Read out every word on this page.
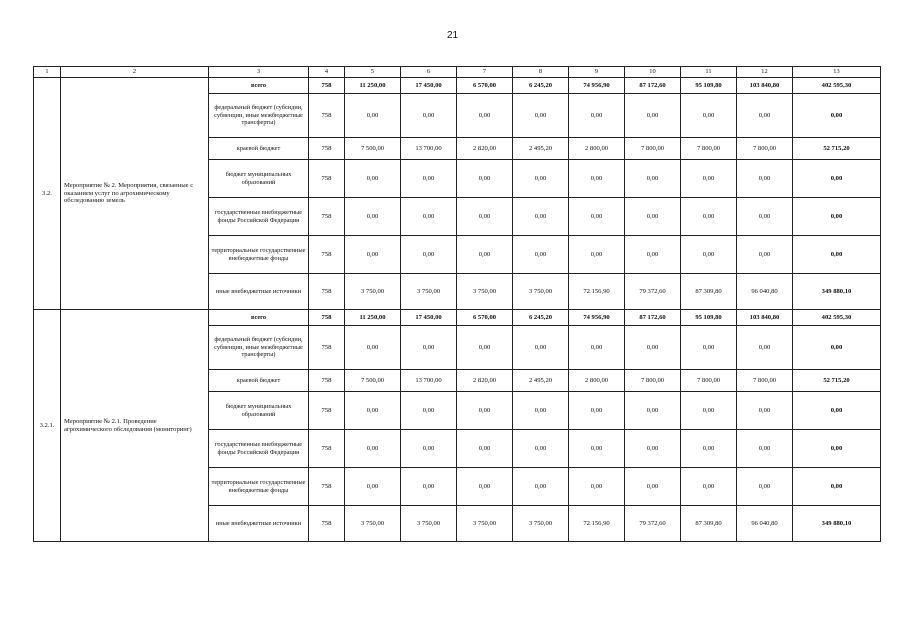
21
1	2	3	4	5	6	7	8	9	10	11	12	13
3.2.	Мероприятие № 2. Мероприятия, связанные с оказанием услуг по агрохимическому обследованию земель	всего	758	11 250,00	17 450,00	6 570,00	6 245,20	74 956,90	87 172,60	95 109,80	103 840,80	402 595,30
		федеральный бюджет (субсидии, субвенции, иные межбюджетные трансферты)	758	0,00	0,00	0,00	0,00	0,00	0,00	0,00	0,00	0,00
		краевой бюджет	758	7 500,00	13 700,00	2 820,00	2 495,20	2 800,00	7 800,00	7 800,00	7 800,00	52 715,20
		бюджет муниципальных образований	758	0,00	0,00	0,00	0,00	0,00	0,00	0,00	0,00	0,00
		государственные внебюджетные фонды Российской Федерации	758	0,00	0,00	0,00	0,00	0,00	0,00	0,00	0,00	0,00
		территориальные государственные внебюджетные фонды	758	0,00	0,00	0,00	0,00	0,00	0,00	0,00	0,00	0,00
		иные внебюджетные источники	758	3 750,00	3 750,00	3 750,00	3 750,00	72 156,90	79 372,60	87 309,80	96 040,80	349 880,10
3.2.1.	Мероприятие № 2.1. Проведение агрохимического обследования (мониторинг)	всего	758	11 250,00	17 450,00	6 570,00	6 245,20	74 956,90	87 172,60	95 109,80	103 840,80	402 595,30
		федеральный бюджет (субсидии, субвенции, иные межбюджетные трансферты)	758	0,00	0,00	0,00	0,00	0,00	0,00	0,00	0,00	0,00
		краевой бюджет	758	7 500,00	13 700,00	2 820,00	2 495,20	2 800,00	7 800,00	7 800,00	7 800,00	52 715,20
		бюджет муниципальных образований	758	0,00	0,00	0,00	0,00	0,00	0,00	0,00	0,00	0,00
		государственные внебюджетные фонды Российской Федерации	758	0,00	0,00	0,00	0,00	0,00	0,00	0,00	0,00	0,00
		территориальные государственные внебюджетные фонды	758	0,00	0,00	0,00	0,00	0,00	0,00	0,00	0,00	0,00
		иные внебюджетные источники	758	3 750,00	3 750,00	3 750,00	3 750,00	72 156,90	79 372,60	87 309,80	96 040,80	349 880,10
